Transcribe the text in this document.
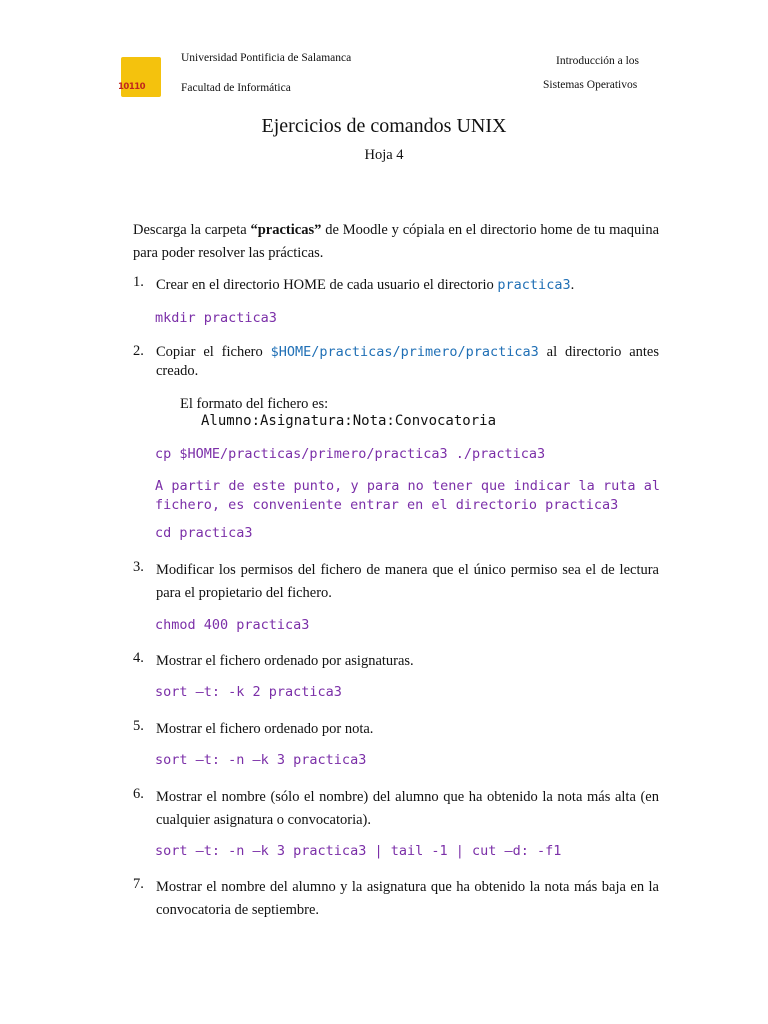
10110
Universidad Pontificia de Salamanca
Facultad de Informática
Introducción a los
Sistemas Operativos
Ejercicios de comandos UNIX
Hoja 4
Descarga la carpeta “practicas” de Moodle y cópiala en el directorio home de tu maquina para poder resolver las prácticas.
1. Crear en el directorio HOME de cada usuario el directorio practica3.
mkdir practica3
2. Copiar el fichero $HOME/practicas/primero/practica3 al directorio antes creado.
El formato del fichero es:
Alumno:Asignatura:Nota:Convocatoria
cp $HOME/practicas/primero/practica3 ./practica3
A partir de este punto, y para no tener que indicar la ruta al fichero, es conveniente entrar en el directorio practica3
cd practica3
3. Modificar los permisos del fichero de manera que el único permiso sea el de lectura para el propietario del fichero.
chmod 400 practica3
4. Mostrar el fichero ordenado por asignaturas.
sort –t: -k 2 practica3
5. Mostrar el fichero ordenado por nota.
sort –t: -n –k 3 practica3
6. Mostrar el nombre (sólo el nombre) del alumno que ha obtenido la nota más alta (en cualquier asignatura o convocatoria).
sort –t: -n –k 3 practica3 | tail -1 | cut –d: -f1
7. Mostrar el nombre del alumno y la asignatura que ha obtenido la nota más baja en la convocatoria de septiembre.
